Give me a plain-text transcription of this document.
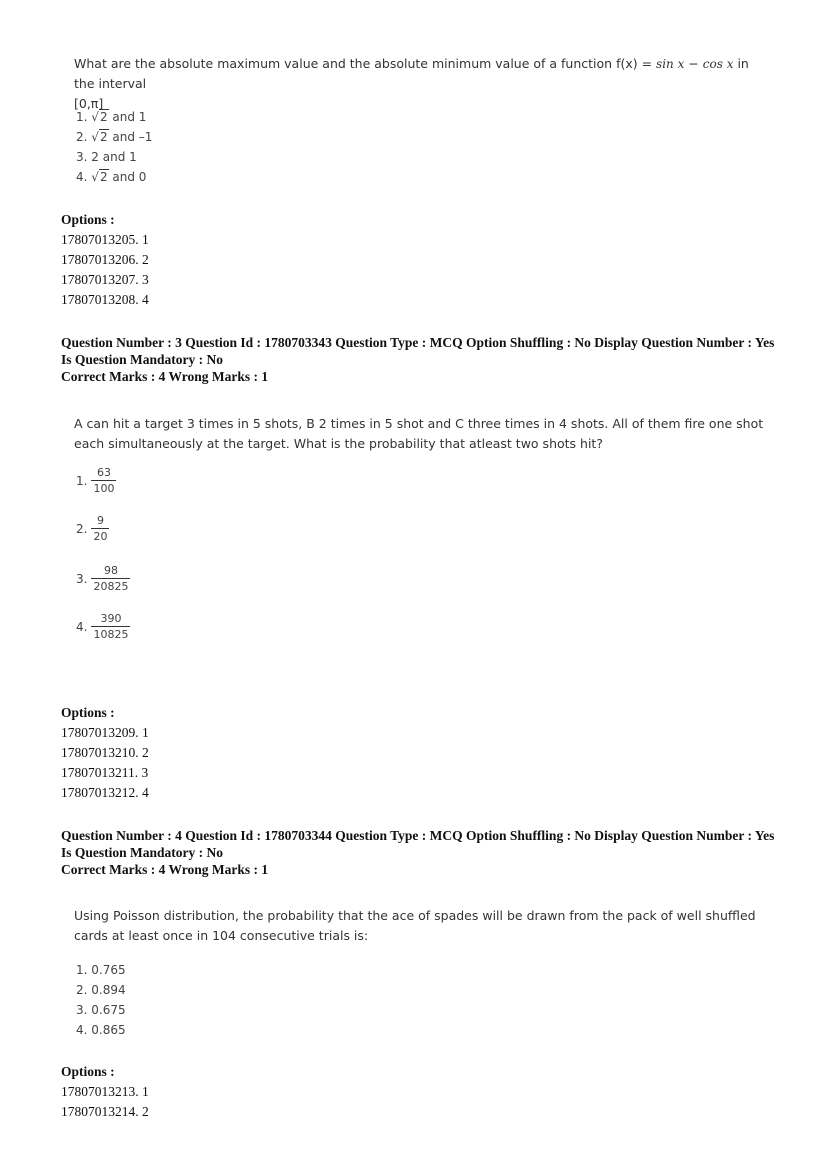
What are the absolute maximum value and the absolute minimum value of a function f(x) = sin x − cos x in the interval

[0,π]
1. √2 and 1
2. √2 and –1
3. 2 and 1
4. √2 and 0
Options :
17807013205. 1
17807013206. 2
17807013207. 3
17807013208. 4
Question Number : 3 Question Id : 1780703343 Question Type : MCQ Option Shuffling : No Display Question Number : Yes
Is Question Mandatory : No
Correct Marks : 4 Wrong Marks : 1

A can hit a target 3 times in 5 shots, B 2 times in 5 shot and C three times in 4 shots. All of them fire one shot each simultaneously at the target. What is the probability that atleast two shots hit?

1. $\frac{63}{100}$
2. $\frac{9}{20}$
3. $\frac{98}{20825}$
4. $\frac{390}{10825}$
Options :
17807013209. 1
17807013210. 2
17807013211. 3
17807013212. 4
Question Number : 4 Question Id : 1780703344 Question Type : MCQ Option Shuffling : No Display Question Number : Yes
Is Question Mandatory : No
Correct Marks : 4 Wrong Marks : 1

Using Poisson distribution, the probability that the ace of spades will be drawn from the pack of well shuffled cards at least once in 104 consecutive trials is:

1. 0.765
2. 0.894
3. 0.675
4. 0.865
Options :
17807013213. 1
17807013214. 2
